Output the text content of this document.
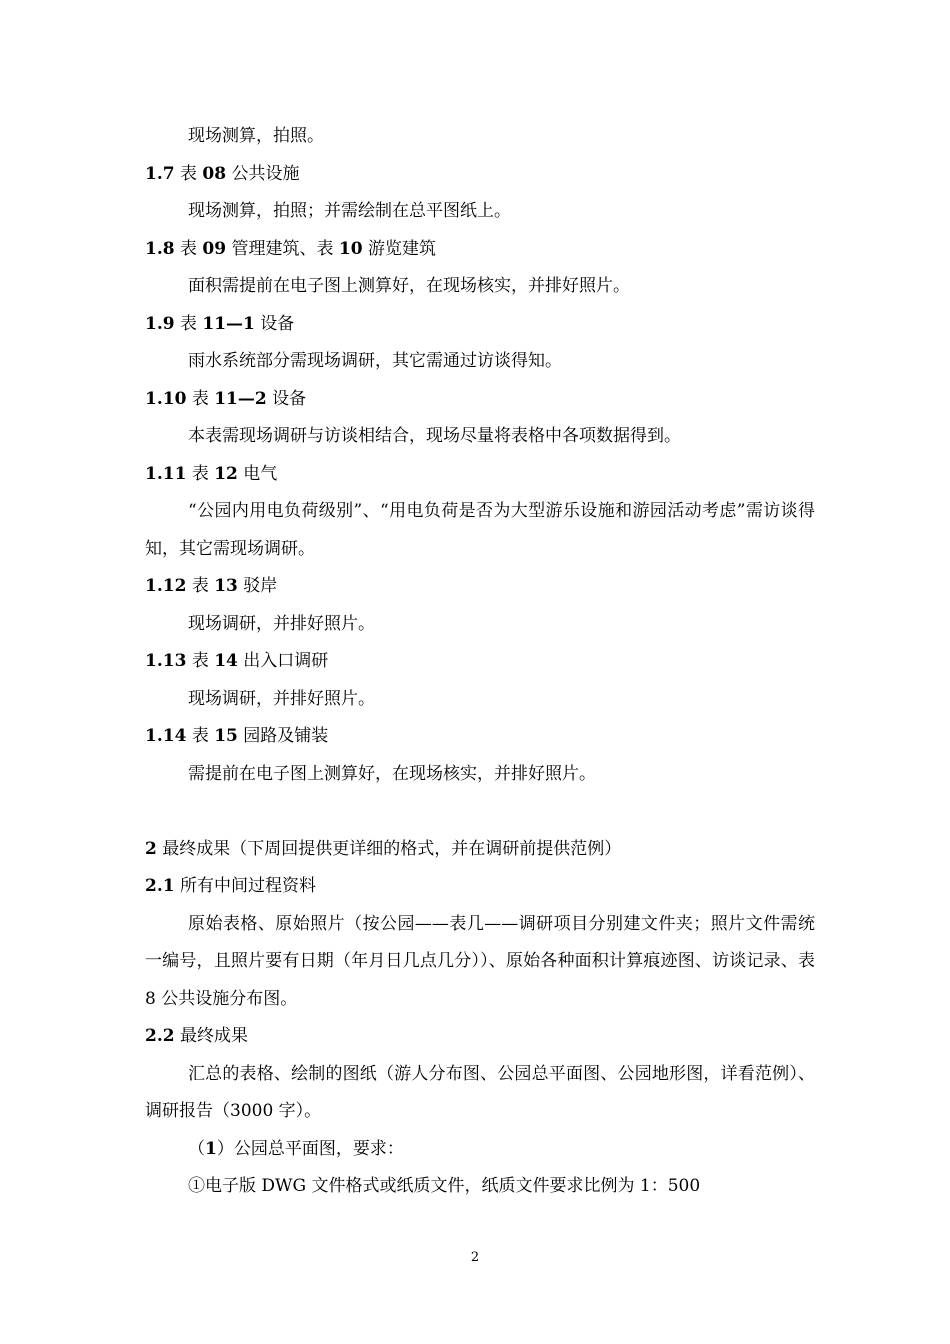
现场测算，拍照。
1.7 表 08 公共设施
现场测算，拍照；并需绘制在总平图纸上。
1.8 表 09 管理建筑、表 10 游览建筑
面积需提前在电子图上测算好，在现场核实，并排好照片。
1.9 表 11—1 设备
雨水系统部分需现场调研，其它需通过访谈得知。
1.10 表 11—2 设备
本表需现场调研与访谈相结合，现场尽量将表格中各项数据得到。
1.11 表 12 电气
“公园内用电负荷级别”、“用电负荷是否为大型游乐设施和游园活动考虑”需访谈得知，其它需现场调研。
1.12 表 13 驳岸
现场调研，并排好照片。
1.13 表 14 出入口调研
现场调研，并排好照片。
1.14 表 15 园路及铺装
需提前在电子图上测算好，在现场核实，并排好照片。
2 最终成果（下周回提供更详细的格式，并在调研前提供范例）
2.1 所有中间过程资料
原始表格、原始照片（按公园——表几——调研项目分别建文件夹；照片文件需统一编号，且照片要有日期（年月日几点几分））、原始各种面积计算痕迹图、访谈记录、表 8 公共设施分布图。
2.2 最终成果
汇总的表格、绘制的图纸（游人分布图、公园总平面图、公园地形图，详看范例）、调研报告（3000 字）。
（1）公园总平面图，要求：
①电子版 DWG 文件格式或纸质文件，纸质文件要求比例为 1：500
2
